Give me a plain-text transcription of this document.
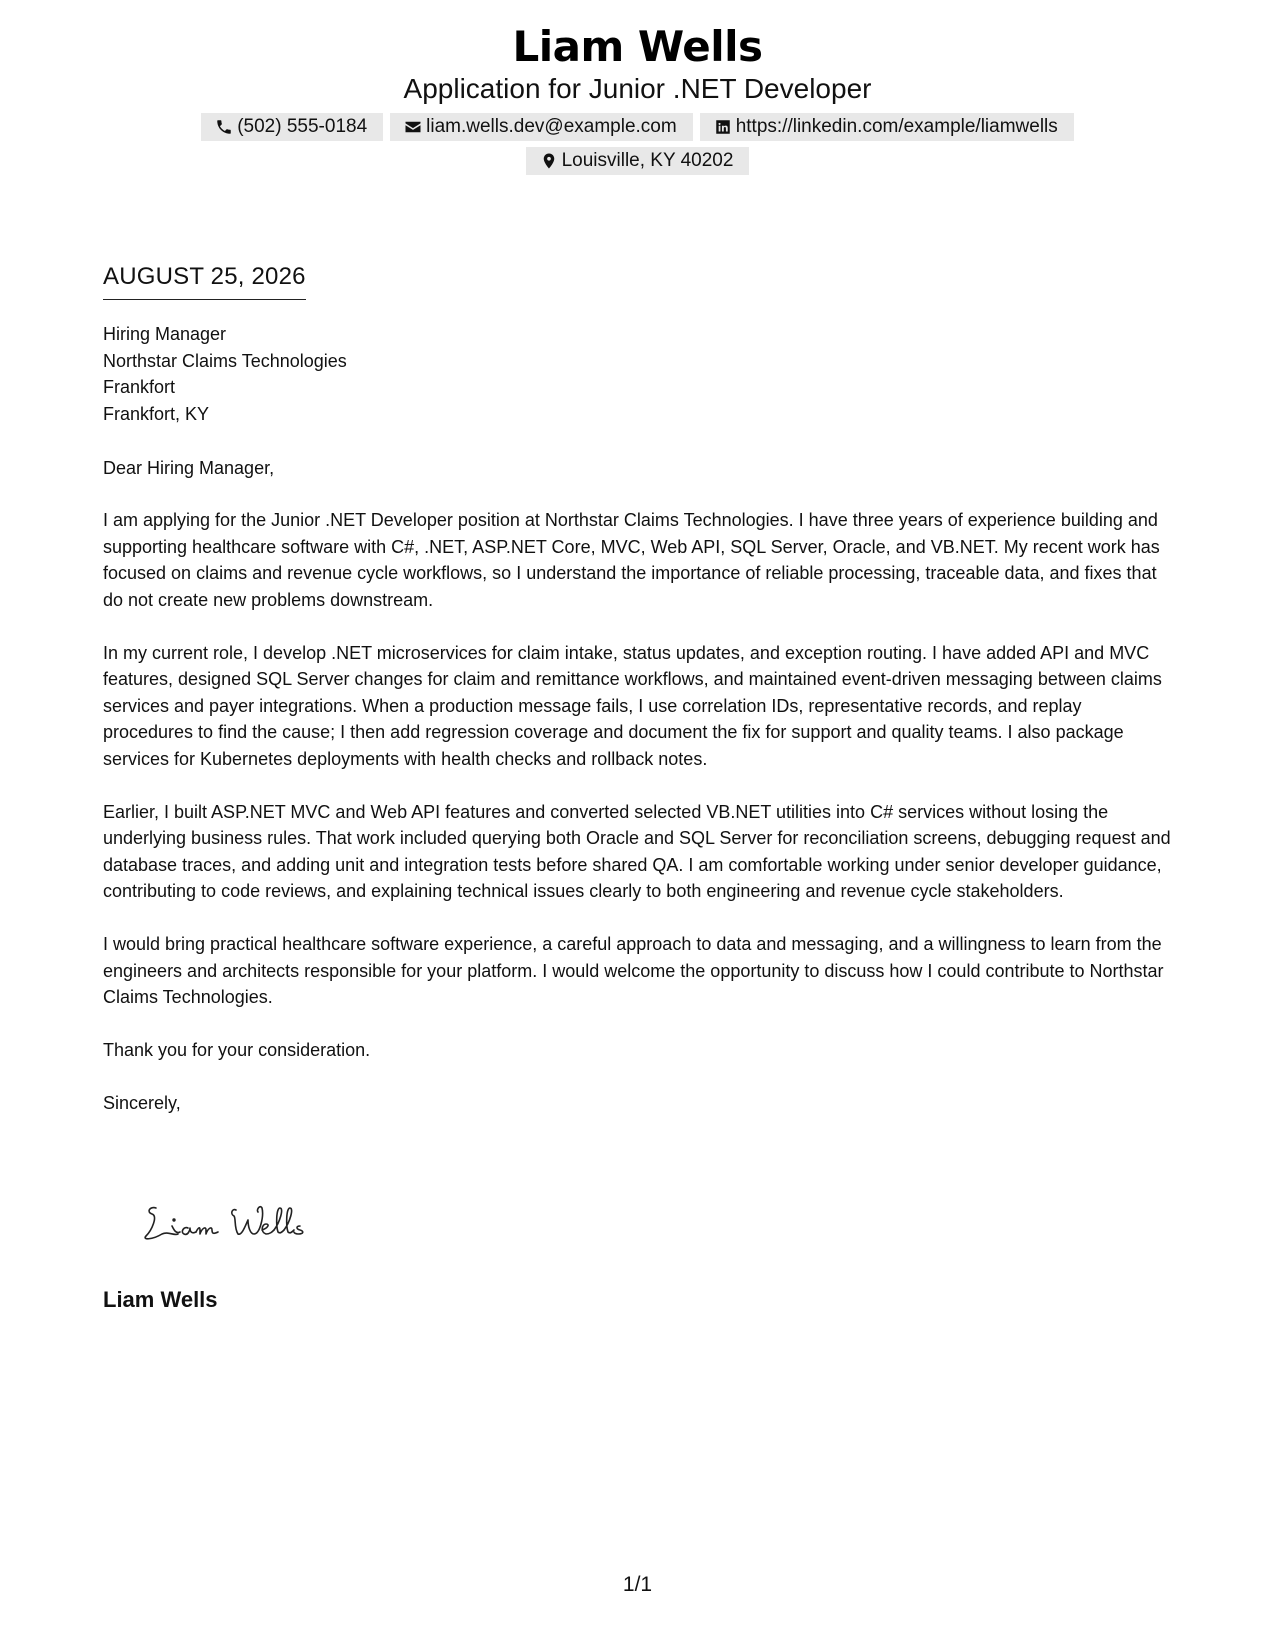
Liam Wells
Application for Junior .NET Developer
(502) 555-0184	liam.wells.dev@example.com	https://linkedin.com/example/liamwells
Louisville, KY 40202
AUGUST 25, 2026
Hiring Manager
Northstar Claims Technologies
Frankfort
Frankfort, KY
Dear Hiring Manager,

I am applying for the Junior .NET Developer position at Northstar Claims Technologies. I have three years of experience building and supporting healthcare software with C#, .NET, ASP.NET Core, MVC, Web API, SQL Server, Oracle, and VB.NET. My recent work has focused on claims and revenue cycle workflows, so I understand the importance of reliable processing, traceable data, and fixes that do not create new problems downstream.

In my current role, I develop .NET microservices for claim intake, status updates, and exception routing. I have added API and MVC features, designed SQL Server changes for claim and remittance workflows, and maintained event-driven messaging between claims services and payer integrations. When a production message fails, I use correlation IDs, representative records, and replay procedures to find the cause; I then add regression coverage and document the fix for support and quality teams. I also package services for Kubernetes deployments with health checks and rollback notes.

Earlier, I built ASP.NET MVC and Web API features and converted selected VB.NET utilities into C# services without losing the underlying business rules. That work included querying both Oracle and SQL Server for reconciliation screens, debugging request and database traces, and adding unit and integration tests before shared QA. I am comfortable working under senior developer guidance, contributing to code reviews, and explaining technical issues clearly to both engineering and revenue cycle stakeholders.

I would bring practical healthcare software experience, a careful approach to data and messaging, and a willingness to learn from the engineers and architects responsible for your platform. I would welcome the opportunity to discuss how I could contribute to Northstar Claims Technologies.

Thank you for your consideration.

Sincerely,

Liam Wells
1/1
